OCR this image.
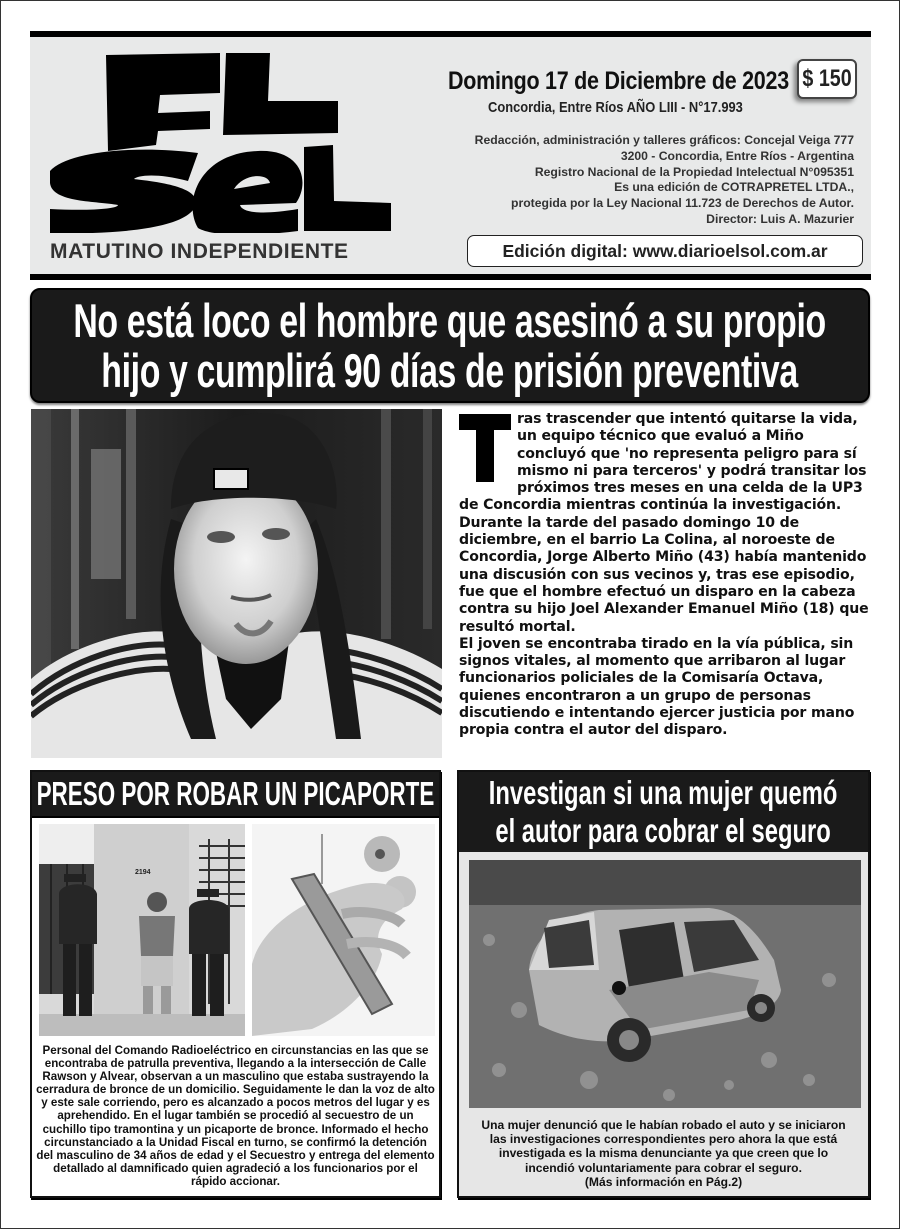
MATUTINO INDEPENDIENTE
Domingo 17 de Diciembre de 2023
Concordia, Entre Ríos AÑO LIII - N°17.993
$ 150
Redacción, administración y talleres gráficos: Concejal Veiga 777
3200 - Concordia, Entre Ríos - Argentina
Registro Nacional de la Propiedad Intelectual N°095351
Es una edición de COTRAPRETEL LTDA.,
protegida por la Ley Nacional 11.723 de Derechos de Autor.
Director: Luis A. Mazurier
Edición digital: www.diarioelsol.com.ar
No está loco el hombre que asesinó a su propio
hijo y cumplirá 90 días de prisión preventiva

ras trascender que intentó quitarse la vida, un equipo técnico que evaluó a Miño concluyó que 'no representa peligro para sí mismo ni para terceros' y podrá transitar los próximos tres meses en una celda de la UP3 de Concordia mientras continúa la investigación.

Durante la tarde del pasado domingo 10 de diciembre, en el barrio La Colina, al noroeste de Concordia, Jorge Alberto Miño (43) había mantenido una discusión con sus vecinos y, tras ese episodio, fue que el hombre efectuó un disparo en la cabeza contra su hijo Joel Alexander Emanuel Miño (18) que resultó mortal.

El joven se encontraba tirado en la vía pública, sin signos vitales, al momento que arribaron al lugar funcionarios policiales de la Comisaría Octava, quienes encontraron a un grupo de personas discutiendo e intentando ejercer justicia por mano propia contra el autor del disparo.

PRESO POR ROBAR UN PICAPORTE
2194

Personal del Comando Radioeléctrico en circunstancias en las que se encontraba de patrulla preventiva, llegando a la intersección de Calle Rawson y Alvear, observan a un masculino que estaba sustrayendo la cerradura de bronce de un domicilio. Seguidamente le dan la voz de alto y este sale corriendo, pero es alcanzado a pocos metros del lugar y es aprehendido. En el lugar también se procedió al secuestro de un cuchillo tipo tramontina y un picaporte de bronce. Informado el hecho circunstanciado a la Unidad Fiscal en turno, se confirmó la detención del masculino de 34 años de edad y el Secuestro y entrega del elemento detallado al damnificado quien agradeció a los funcionarios por el rápido accionar.

Investigan si una mujer quemó
el autor para cobrar el seguro
Una mujer denunció que le habían robado el auto y se iniciaron
las investigaciones correspondientes pero ahora la que está
investigada es la misma denunciante ya que creen que lo
incendió voluntariamente para cobrar el seguro.
(Más información en Pág.2)
